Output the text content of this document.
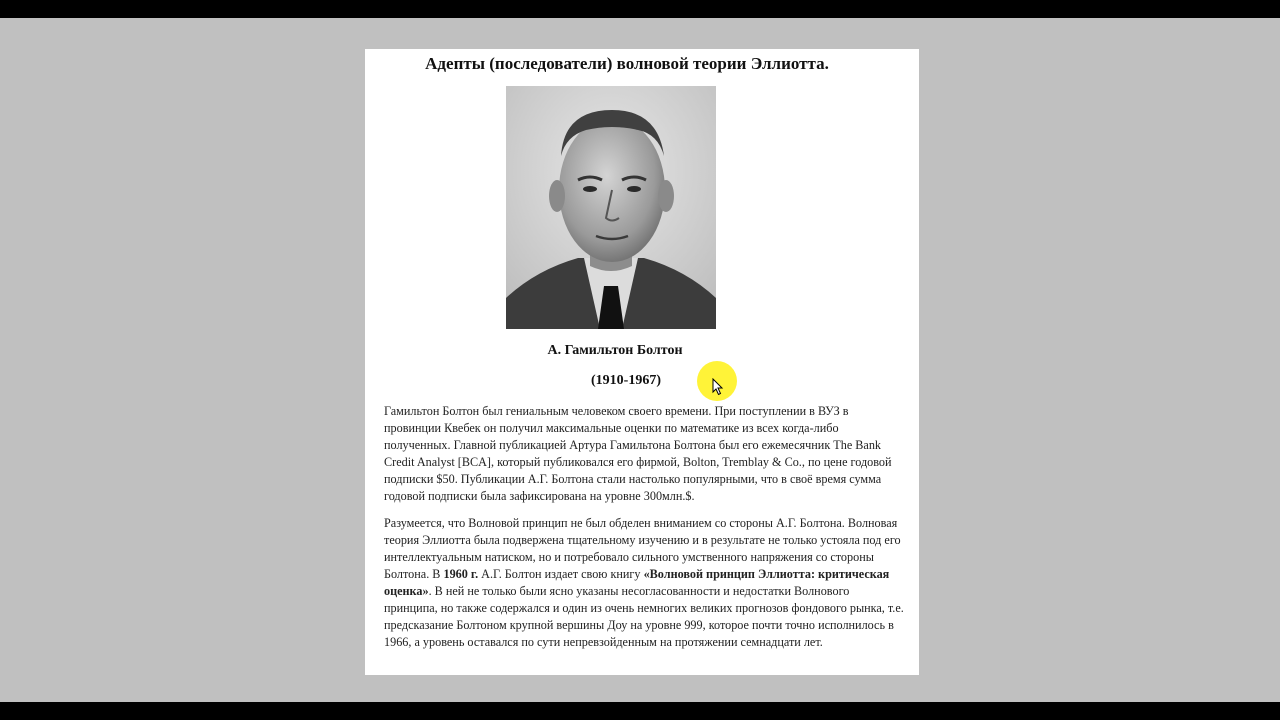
Адепты (последователи) волновой теории Эллиотта.
А. Гамильтон Болтон
(1910-1967)

Гамильтон Болтон был гениальным человеком своего времени. При поступлении в ВУЗ в провинции Квебек он получил максимальные оценки по математике из всех когда-либо полученных. Главной публикацией Артура Гамильтона Болтона был его ежемесячник The Bank Credit Analyst [BCA], который публиковался его фирмой, Bolton, Tremblay & Co., по цене годовой подписки $50. Публикации А.Г. Болтона стали настолько популярными, что в своё время сумма годовой подписки была зафиксирована на уровне 300млн.$.

Разумеется, что Волновой принцип не был обделен вниманием со стороны А.Г. Болтона. Волновая теория Эллиотта была подвержена тщательному изучению и в результате не только устояла под его интеллектуальным натиском, но и потребовало сильного умственного напряжения со стороны Болтона. В 1960 г. А.Г. Болтон издает свою книгу «Волновой принцип Эллиотта: критическая оценка». В ней не только были ясно указаны несогласованности и недостатки Волнового принципа, но также содержался и один из очень немногих великих прогнозов фондового рынка, т.е. предсказание Болтоном крупной вершины Доу на уровне 999, которое почти точно исполнилось в 1966, а уровень оставался по сути непревзойденным на протяжении семнадцати лет.
